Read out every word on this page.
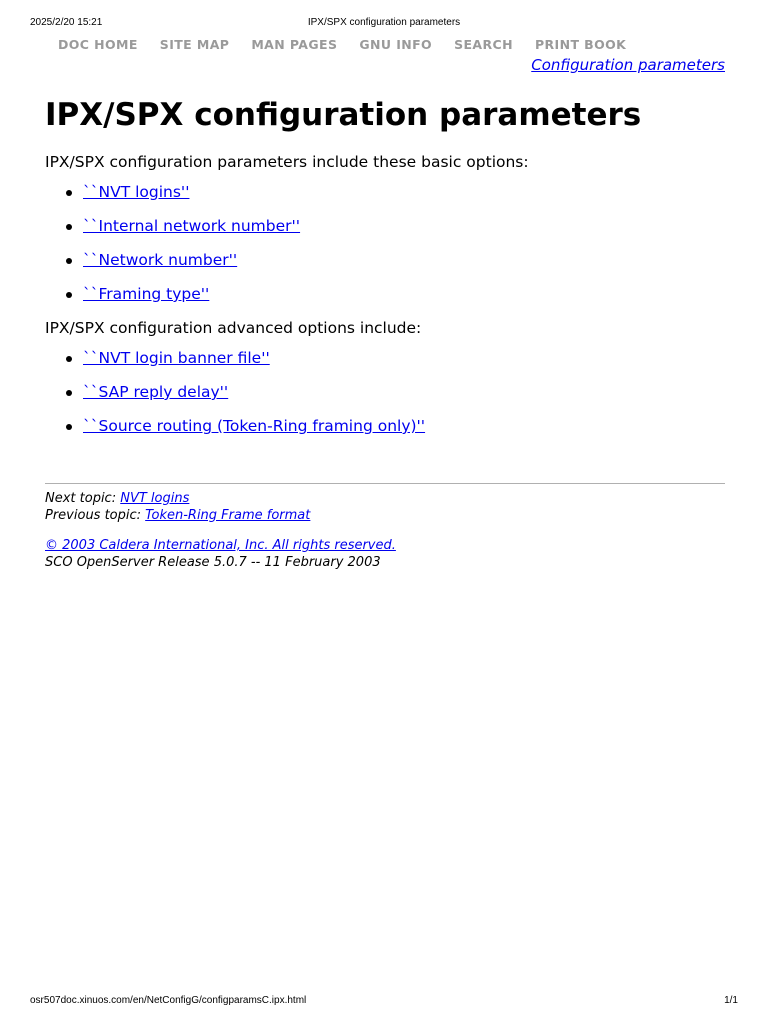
2025/2/20 15:21	IPX/SPX configuration parameters
DOC HOME SITE MAP MAN PAGES GNU INFO SEARCH PRINT BOOK
Configuration parameters
IPX/SPX configuration parameters

IPX/SPX configuration parameters include these basic options:

``NVT logins''
``Internal network number''
``Network number''
``Framing type''

IPX/SPX configuration advanced options include:

``NVT login banner file''
``SAP reply delay''
``Source routing (Token-Ring framing only)''
Next topic: NVT logins
Previous topic: Token-Ring Frame format
© 2003 Caldera International, Inc. All rights reserved.
SCO OpenServer Release 5.0.7 -- 11 February 2003
osr507doc.xinuos.com/en/NetConfigG/configparamsC.ipx.html	1/1
